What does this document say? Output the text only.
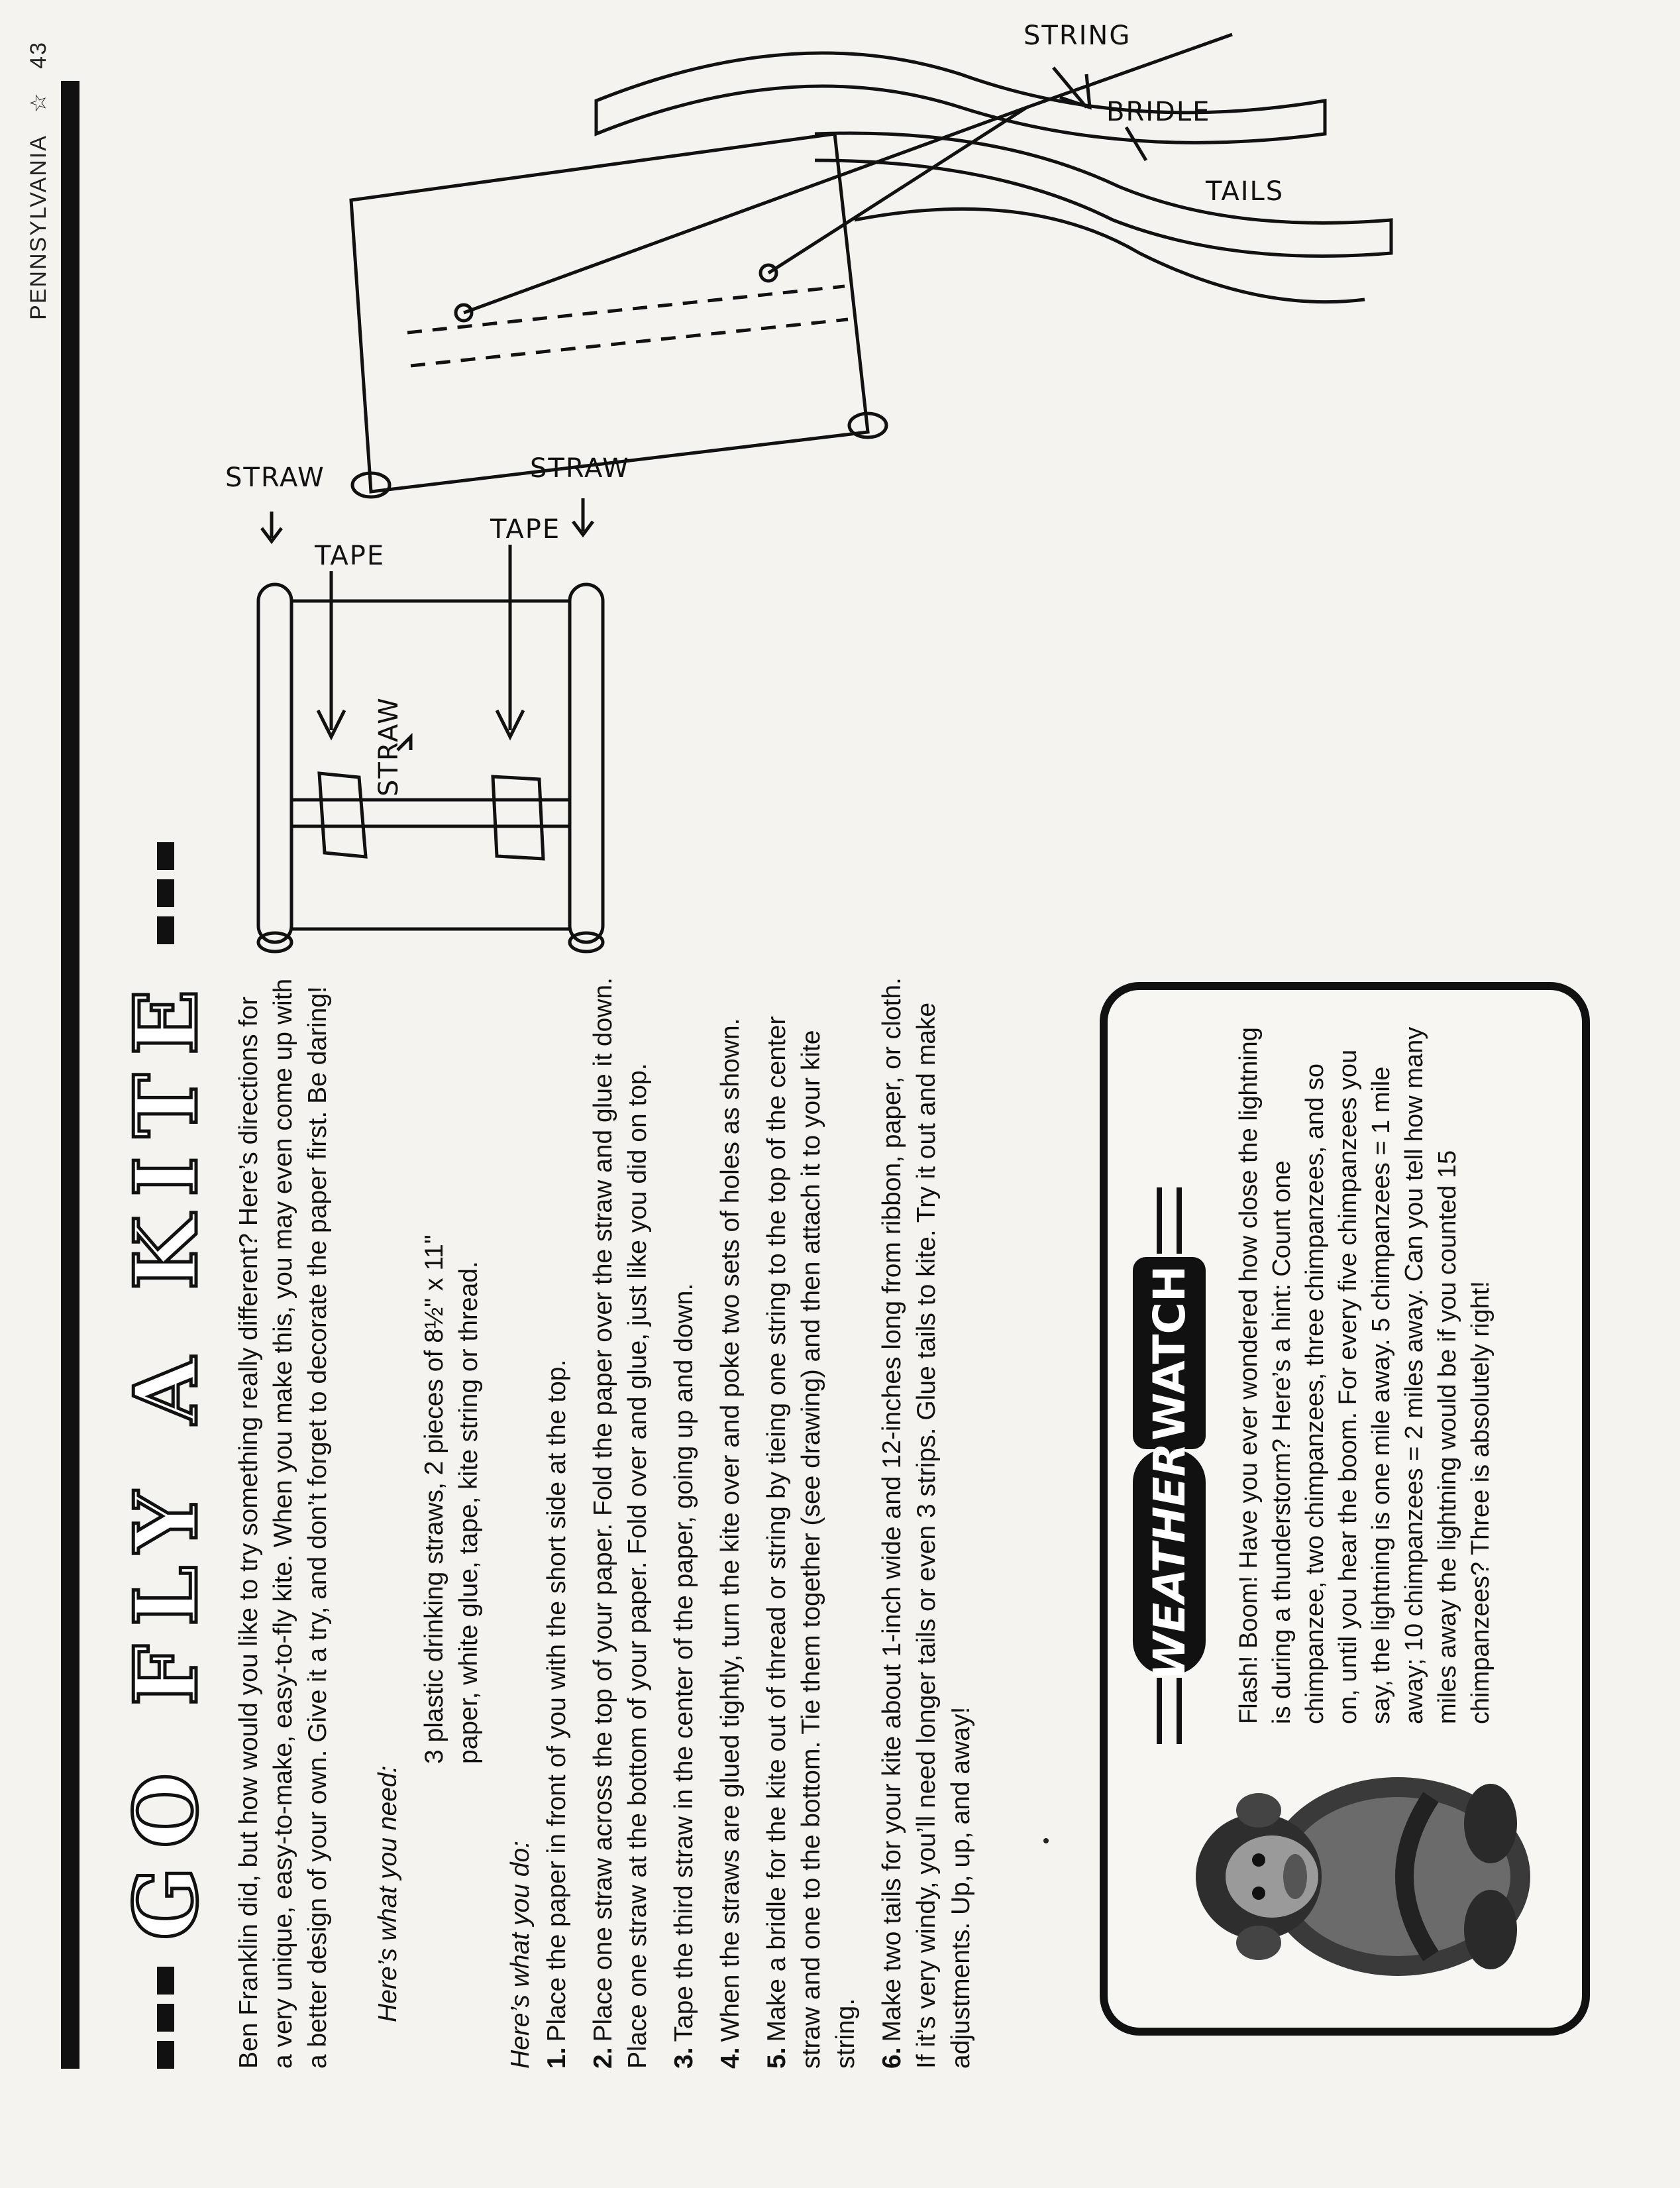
PENNSYLVANIA   ☆   43
GO FLY A KITE Ben Franklin did, but how would you like to try something really different? Here’s directions for a very unique, easy-to-make, easy-to-fly kite. When you make this, you may even come up with a better design of your own. Give it a try, and don’t forget to decorate the paper first. Be daring! Here’s what you need:
3 plastic drinking straws, 2 pieces of 8½" x 11" paper, white glue, tape, kite string or thread.
Here’s what you do: 1.Place the paper in front of you with the short side at the top.
2.Place one straw across the top of your paper. Fold the paper over the straw and glue it down. Place one straw at the bottom of your paper. Fold over and glue, just like you did on top. 3.Tape the third straw in the center of the paper, going up and down.
4.When the straws are glued tightly, turn the kite over and poke two sets of holes as shown.
5.Make a bridle for the kite out of thread or string by tieing one string to the top of the center straw and one to the bottom. Tie them together (see drawing) and then attach it to your kite string. 6.Make two tails for your kite about 1-inch wide and 12-inches long from ribbon, paper, or cloth. If it’s very windy, you’ll need longer tails or even 3 strips. Glue tails to kite. Try it out and make adjustments. Up, up, and away!
WEATHER
WATCH Flash! Boom! Have you ever wondered how close the lightning is during a thunderstorm? Here’s a hint: Count one chimpanzee, two chimpanzees, three chimpanzees, and so on, until you hear the boom. For every five chimpanzees you say, the lightning is one mile away. 5 chimpanzees = 1 mile away; 10 chimpanzees = 2 miles away. Can you tell how many miles away the lightning would be if you counted 15 chimpanzees? Three is absolutely right!
STRAW
TAPE
STRAW
TAPE
STRAW
STRING
BRIDLE
TAILS
